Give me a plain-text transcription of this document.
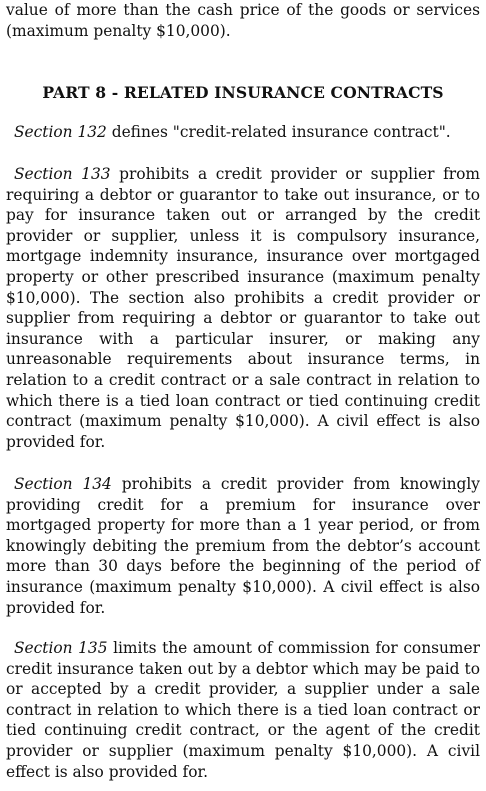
value of more than the cash price of the goods or services (maximum penalty $10,000).

PART 8 - RELATED INSURANCE CONTRACTS

Section 132 defines "credit-related insurance contract".

Section 133 prohibits a credit provider or supplier from requiring a debtor or guarantor to take out insurance, or to pay for insurance taken out or arranged by the credit provider or supplier, unless it is compulsory insurance, mortgage indemnity insurance, insurance over mortgaged property or other prescribed insurance (maximum penalty $10,000). The section also prohibits a credit provider or supplier from requiring a debtor or guarantor to take out insurance with a particular insurer, or making any unreasonable requirements about insurance terms, in relation to a credit contract or a sale contract in relation to which there is a tied loan contract or tied continuing credit contract (maximum penalty $10,000). A civil effect is also provided for.

Section 134 prohibits a credit provider from knowingly providing credit for a premium for insurance over mortgaged property for more than a 1 year period, or from knowingly debiting the premium from the debtor’s account more than 30 days before the beginning of the period of insurance (maximum penalty $10,000). A civil effect is also provided for.

Section 135 limits the amount of commission for consumer credit insurance taken out by a debtor which may be paid to or accepted by a credit provider, a supplier under a sale contract in relation to which there is a tied loan contract or tied continuing credit contract, or the agent of the credit provider or supplier (maximum penalty $10,000). A civil effect is also provided for.
